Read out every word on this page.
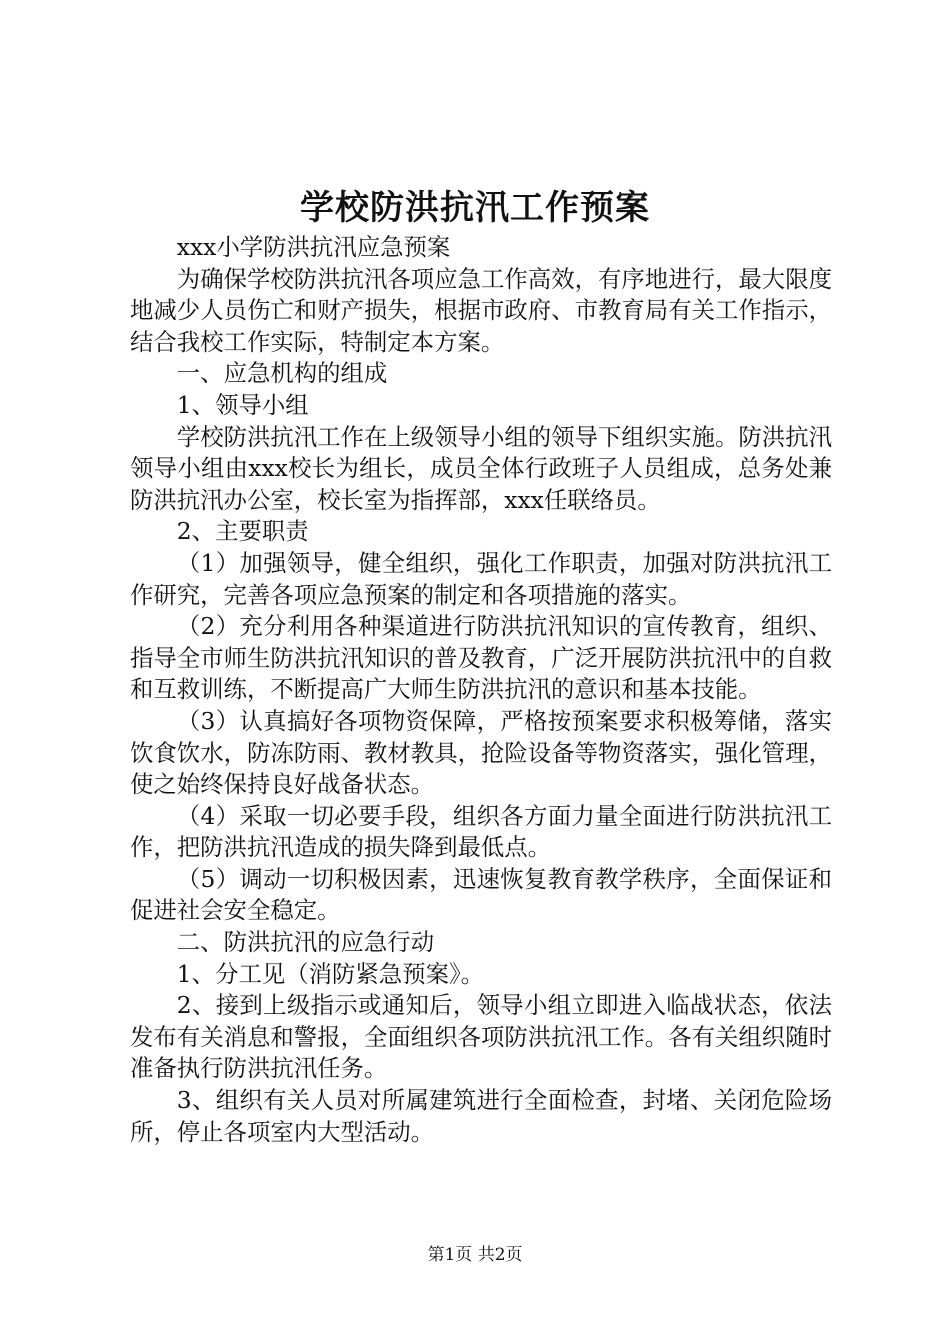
学校防洪抗汛工作预案

xxx小学防洪抗汛应急预案

为确保学校防洪抗汛各项应急工作高效，有序地进行，最大限度地减少人员伤亡和财产损失，根据市政府、市教育局有关工作指示，结合我校工作实际，特制定本方案。

一、应急机构的组成

1、领导小组

学校防洪抗汛工作在上级领导小组的领导下组织实施。防洪抗汛领导小组由xxx校长为组长，成员全体行政班子人员组成，总务处兼防洪抗汛办公室，校长室为指挥部，xxx任联络员。

2、主要职责

（1）加强领导，健全组织，强化工作职责，加强对防洪抗汛工作研究，完善各项应急预案的制定和各项措施的落实。

（2）充分利用各种渠道进行防洪抗汛知识的宣传教育，组织、指导全市师生防洪抗汛知识的普及教育，广泛开展防洪抗汛中的自救和互救训练，不断提高广大师生防洪抗汛的意识和基本技能。

（3）认真搞好各项物资保障，严格按预案要求积极筹储，落实饮食饮水，防冻防雨、教材教具，抢险设备等物资落实，强化管理，使之始终保持良好战备状态。

（4）采取一切必要手段，组织各方面力量全面进行防洪抗汛工作，把防洪抗汛造成的损失降到最低点。

（5）调动一切积极因素，迅速恢复教育教学秩序，全面保证和促进社会安全稳定。

二、防洪抗汛的应急行动

1、分工见（消防紧急预案》。

2、接到上级指示或通知后，领导小组立即进入临战状态，依法发布有关消息和警报，全面组织各项防洪抗汛工作。各有关组织随时准备执行防洪抗汛任务。

3、组织有关人员对所属建筑进行全面检查，封堵、关闭危险场所，停止各项室内大型活动。

第1页 共2页
